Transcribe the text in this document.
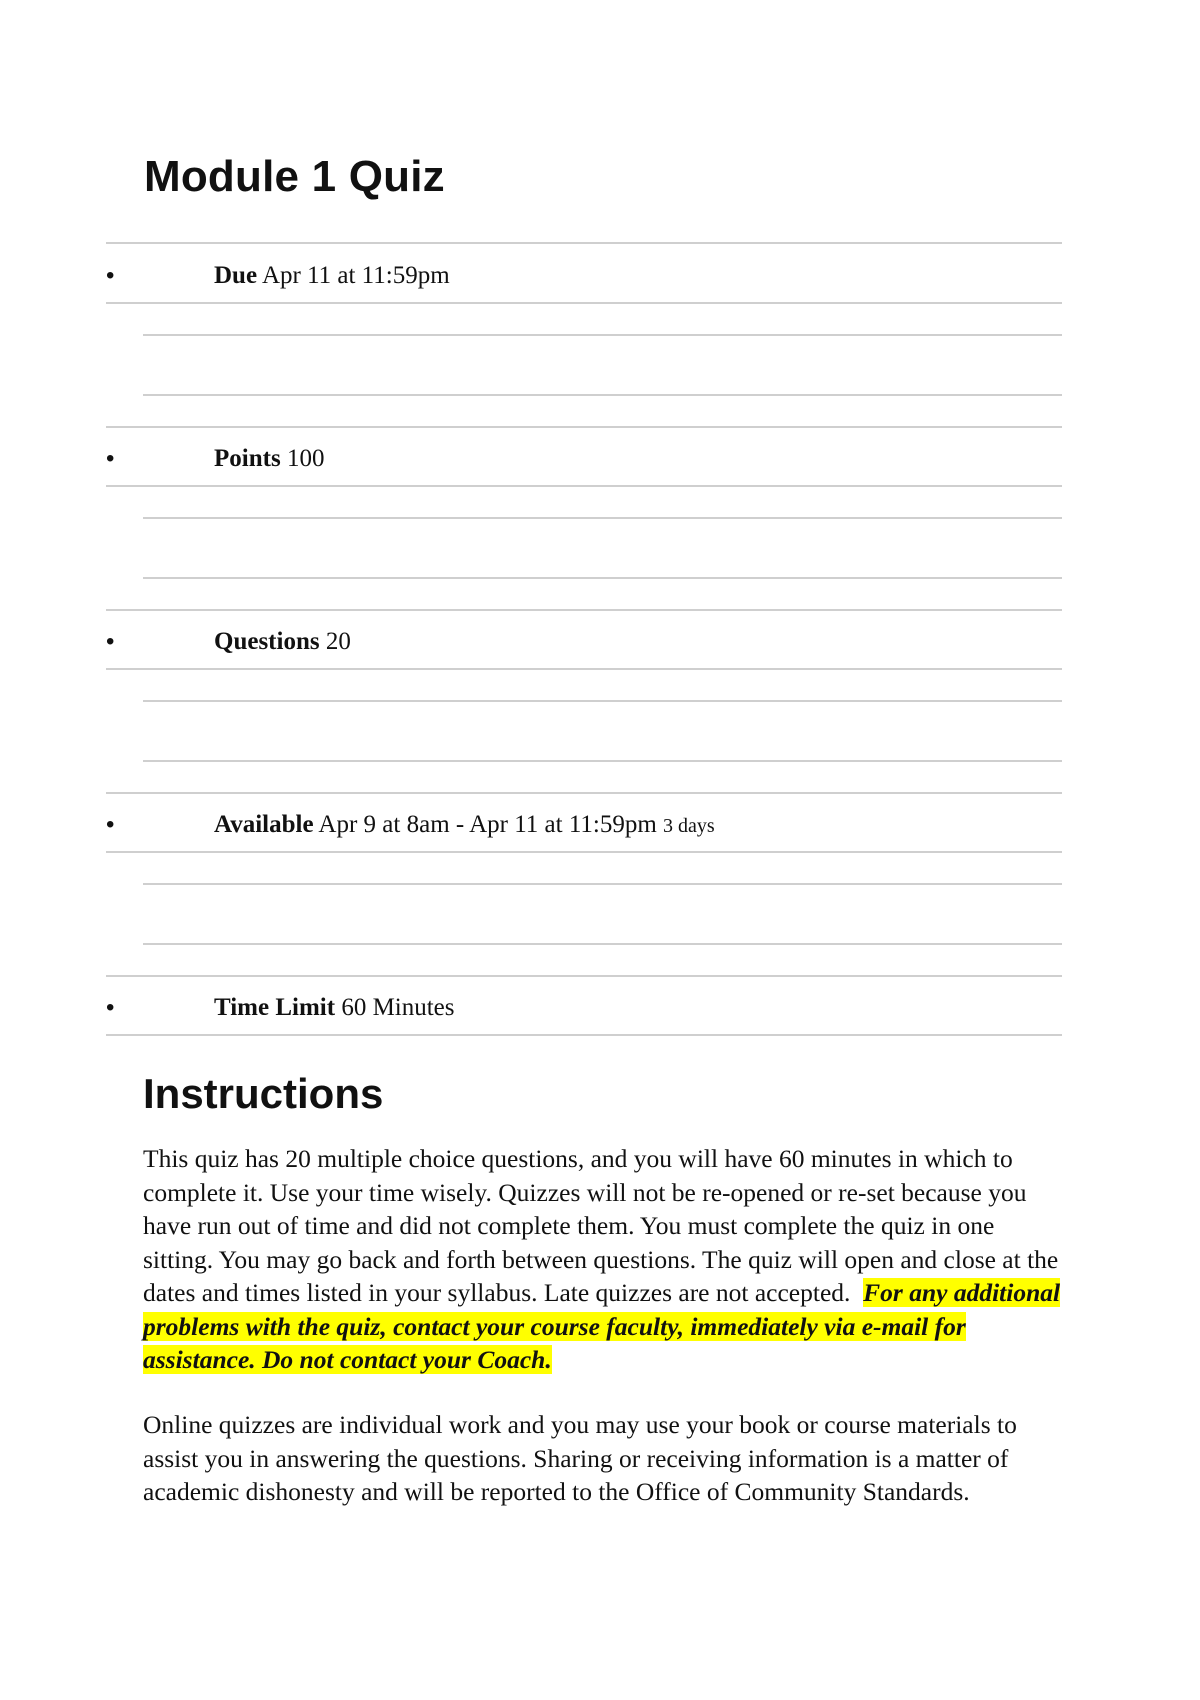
Module 1 Quiz
•	Due Apr 11 at 11:59pm
•	Points 100
•	Questions 20
•	Available Apr 9 at 8am - Apr 11 at 11:59pm 3 days
•	Time Limit 60 Minutes
Instructions

This quiz has 20 multiple choice questions, and you will have 60 minutes in which to complete it. Use your time wisely. Quizzes will not be re-opened or re-set because you have run out of time and did not complete them. You must complete the quiz in one sitting. You may go back and forth between questions. The quiz will open and close at the dates and times listed in your syllabus. Late quizzes are not accepted. For any additional problems with the quiz, contact your course faculty, immediately via e-mail for assistance. Do not contact your Coach.

Online quizzes are individual work and you may use your book or course materials to assist you in answering the questions. Sharing or receiving information is a matter of academic dishonesty and will be reported to the Office of Community Standards.
